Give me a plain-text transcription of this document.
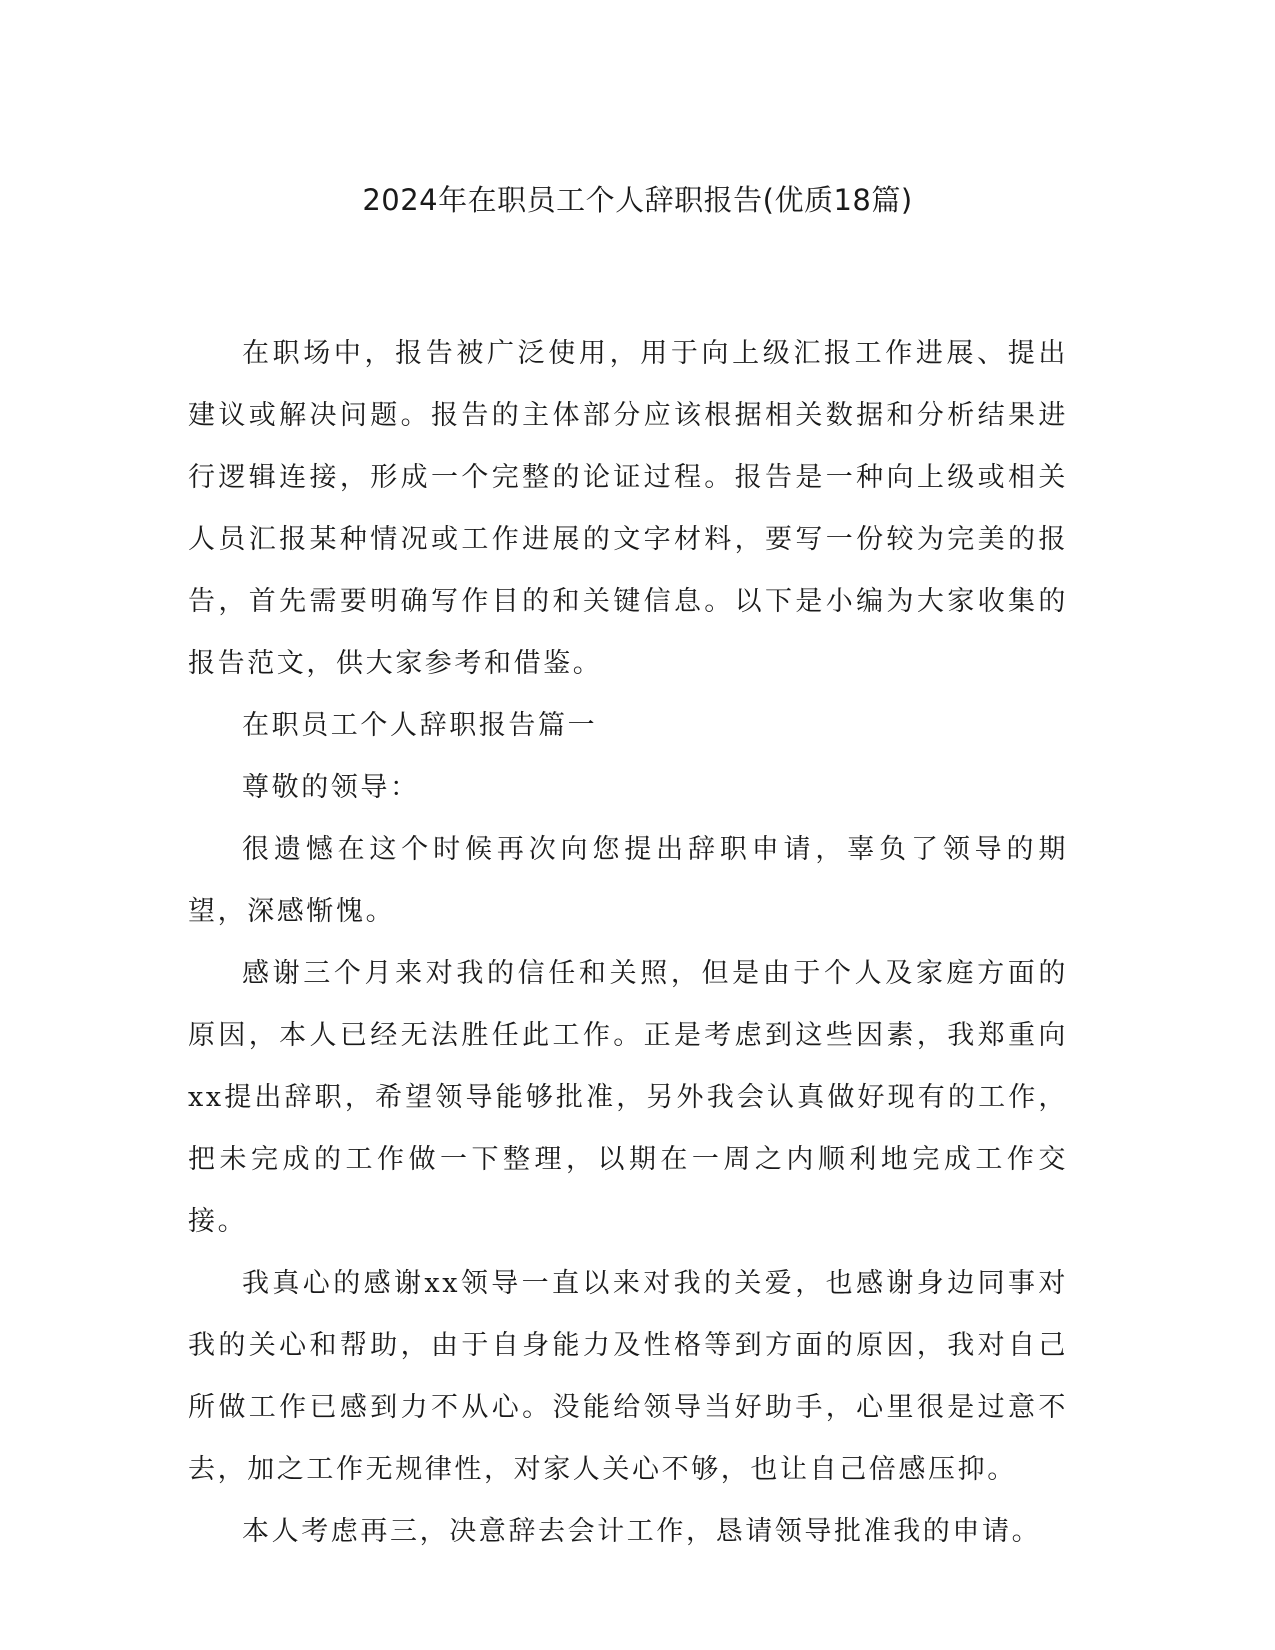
2024年在职员工个人辞职报告(优质18篇)

在职场中，报告被广泛使用，用于向上级汇报工作进展、提出建议或解决问题。报告的主体部分应该根据相关数据和分析结果进行逻辑连接，形成一个完整的论证过程。报告是一种向上级或相关人员汇报某种情况或工作进展的文字材料，要写一份较为完美的报告，首先需要明确写作目的和关键信息。以下是小编为大家收集的报告范文，供大家参考和借鉴。

在职员工个人辞职报告篇一

尊敬的领导：

很遗憾在这个时候再次向您提出辞职申请，辜负了领导的期望，深感惭愧。

感谢三个月来对我的信任和关照，但是由于个人及家庭方面的原因，本人已经无法胜任此工作。正是考虑到这些因素，我郑重向xx提出辞职，希望领导能够批准，另外我会认真做好现有的工作，把未完成的工作做一下整理，以期在一周之内顺利地完成工作交接。

我真心的感谢xx领导一直以来对我的关爱，也感谢身边同事对我的关心和帮助，由于自身能力及性格等到方面的原因，我对自己所做工作已感到力不从心。没能给领导当好助手，心里很是过意不去，加之工作无规律性，对家人关心不够，也让自己倍感压抑。

本人考虑再三，决意辞去会计工作，恳请领导批准我的申请。
